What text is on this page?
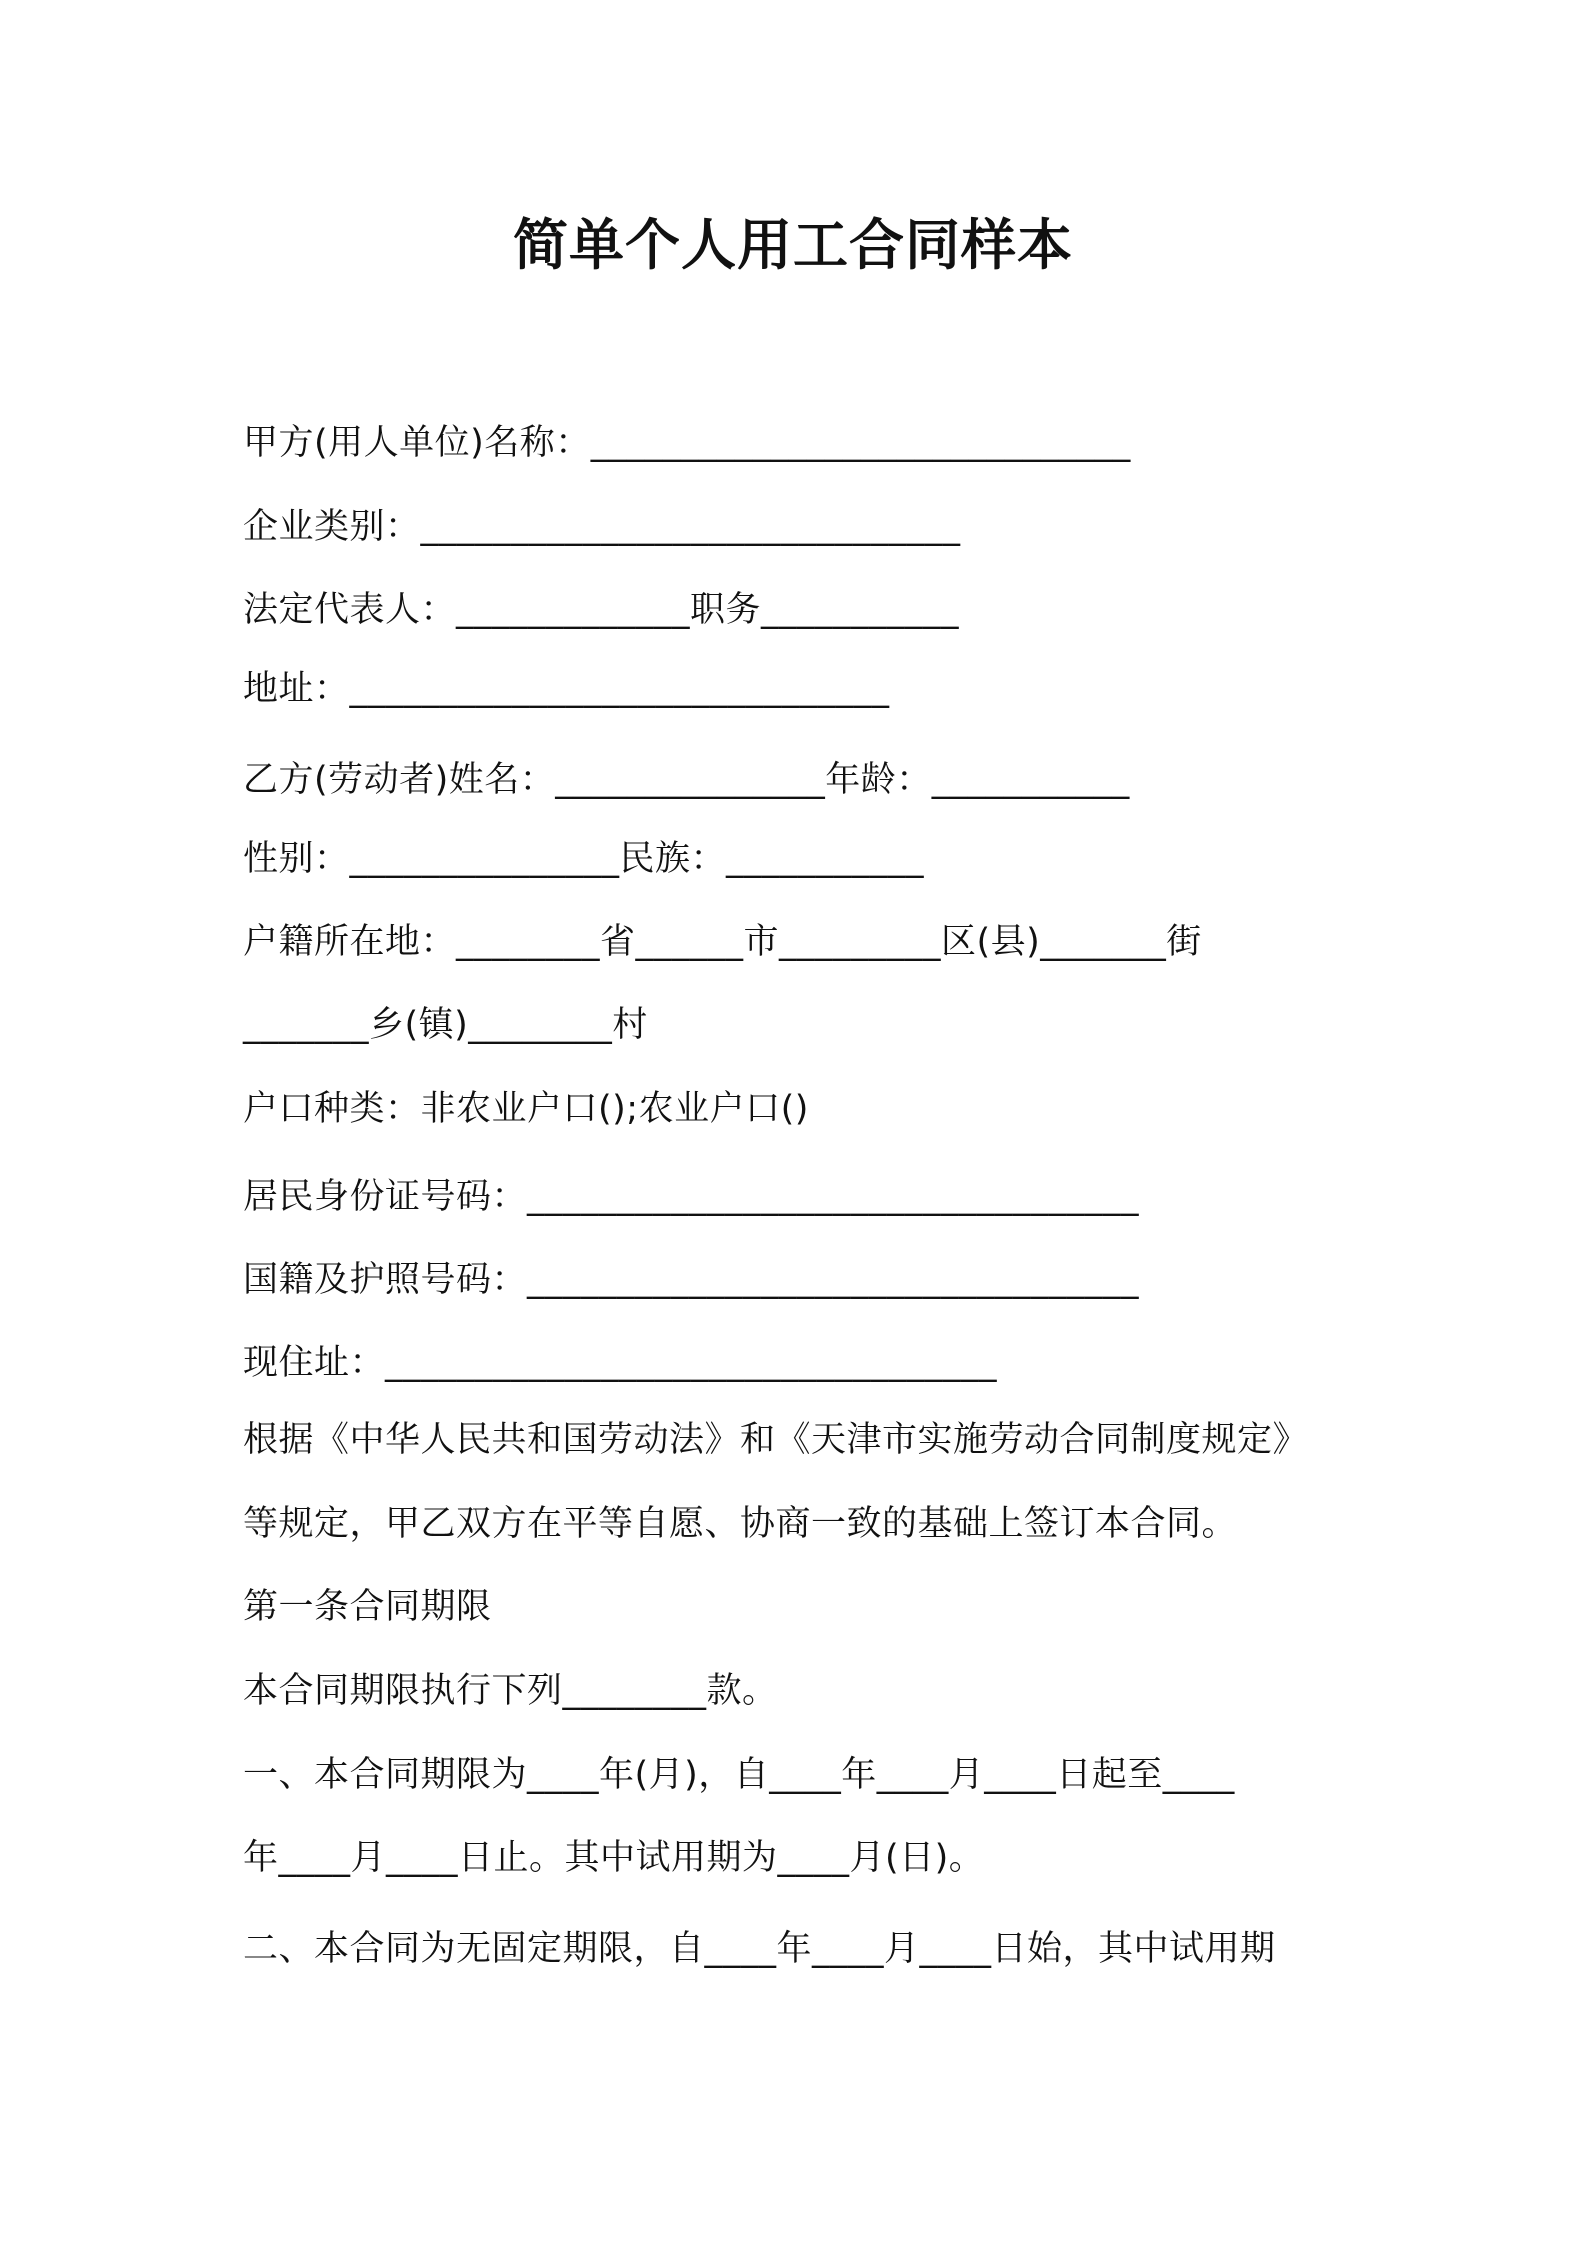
简单个人用工合同样本
甲方(用人单位)名称：______________________________
企业类别：______________________________
法定代表人：_____________职务___________
地址：______________________________
乙方(劳动者)姓名：_______________年龄：___________
性别：_______________民族：___________
户籍所在地：________省______市_________区(县)_______街
_______乡(镇)________村
户口种类：非农业户口();农业户口()
居民身份证号码：__________________________________
国籍及护照号码：__________________________________
现住址：__________________________________
根据《中华人民共和国劳动法》和《天津市实施劳动合同制度规定》
等规定，甲乙双方在平等自愿、协商一致的基础上签订本合同。
第一条合同期限
本合同期限执行下列________款。
一、本合同期限为____年(月)，自____年____月____日起至____
年____月____日止。其中试用期为____月(日)。
二、本合同为无固定期限，自____年____月____日始，其中试用期
